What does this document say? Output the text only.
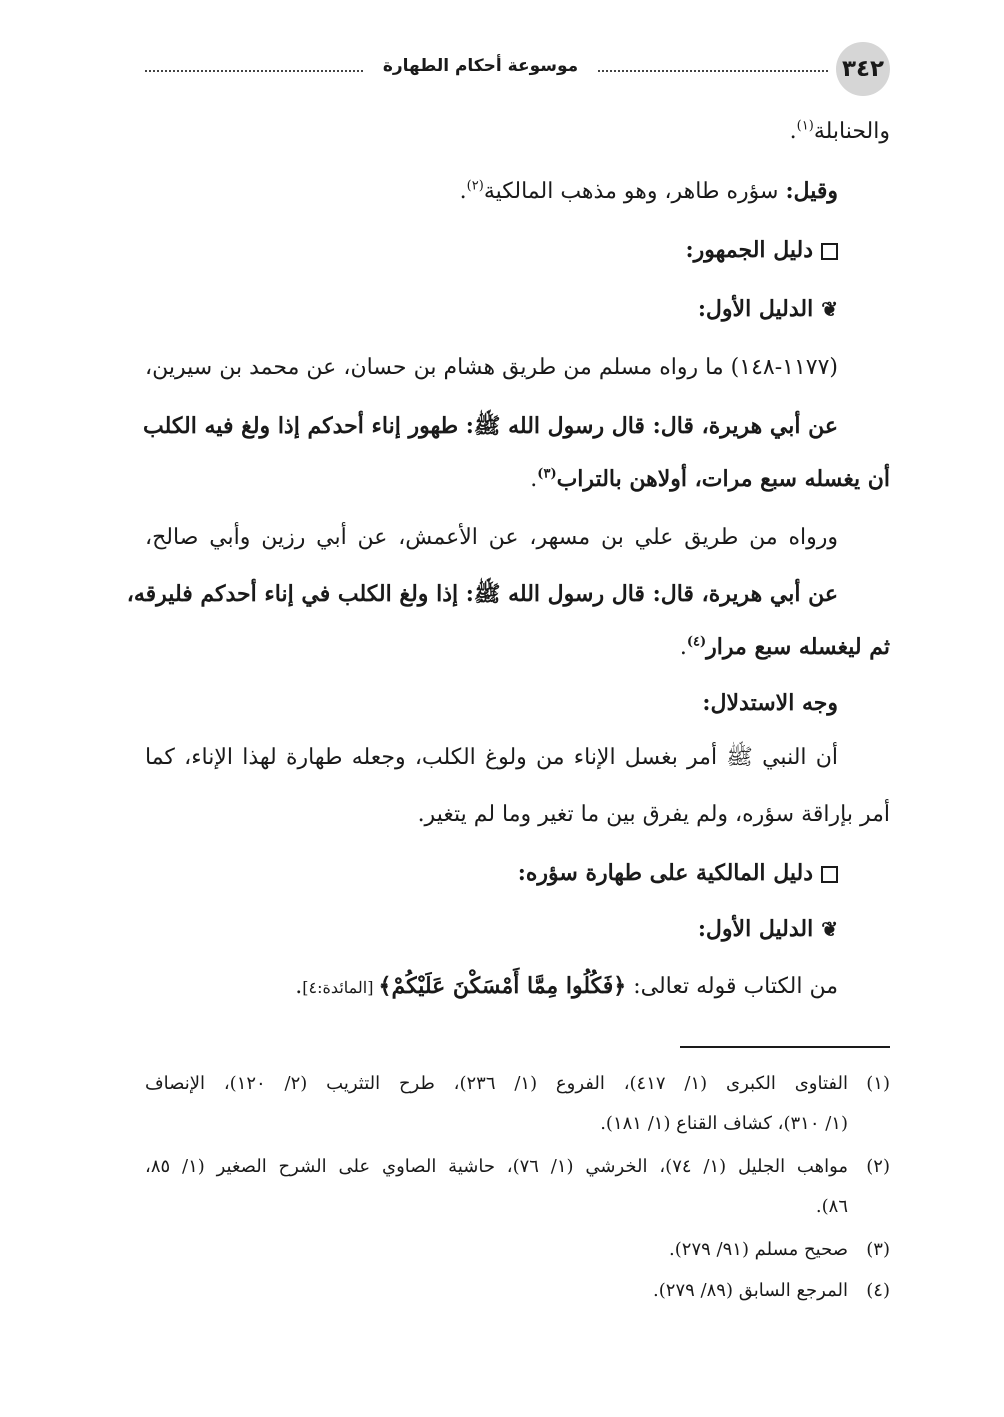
٣٤٢
موسوعة أحكام الطهارة
والحنابلة$^{(١)}$.
وقيل: سؤره طاهر، وهو مذهب المالكية$^{(٢)}$.
دليل الجمهور:
❦الدليل الأول:
(١١٧٧-١٤٨) ما رواه مسلم من طريق هشام بن حسان، عن محمد بن سيرين،
عن أبي هريرة، قال: قال رسول الله ﷺ: طهور إناء أحدكم إذا ولغ فيه الكلب
أن يغسله سبع مرات، أولاهن بالتراب$^{(٣)}$.
ورواه من طريق علي بن مسهر، عن الأعمش، عن أبي رزين وأبي صالح،
عن أبي هريرة، قال: قال رسول الله ﷺ: إذا ولغ الكلب في إناء أحدكم فليرقه،
ثم ليغسله سبع مرار$^{(٤)}$.
وجه الاستدلال:
أن النبي ﷺ أمر بغسل الإناء من ولوغ الكلب، وجعله طهارة لهذا الإناء، كما
أمر بإراقة سؤره، ولم يفرق بين ما تغير وما لم يتغير.
دليل المالكية على طهارة سؤره:
❦الدليل الأول:
من الكتاب قوله تعالى: ﴿فَكُلُوا مِمَّا أَمْسَكْنَ عَلَيْكُمْ﴾ [المائدة:٤].
(١)
الفتاوى الكبرى (١/ ٤١٧)، الفروع (١/ ٢٣٦)، طرح التثريب (٢/ ١٢٠)، الإنصاف
(١/ ٣١٠)، كشاف القناع (١/ ١٨١).
(٢)
مواهب الجليل (١/ ٧٤)، الخرشي (١/ ٧٦)، حاشية الصاوي على الشرح الصغير (١/ ٨٥،
٨٦).
(٣)
صحيح مسلم (٩١/ ٢٧٩).
(٤)
المرجع السابق (٨٩/ ٢٧٩).
